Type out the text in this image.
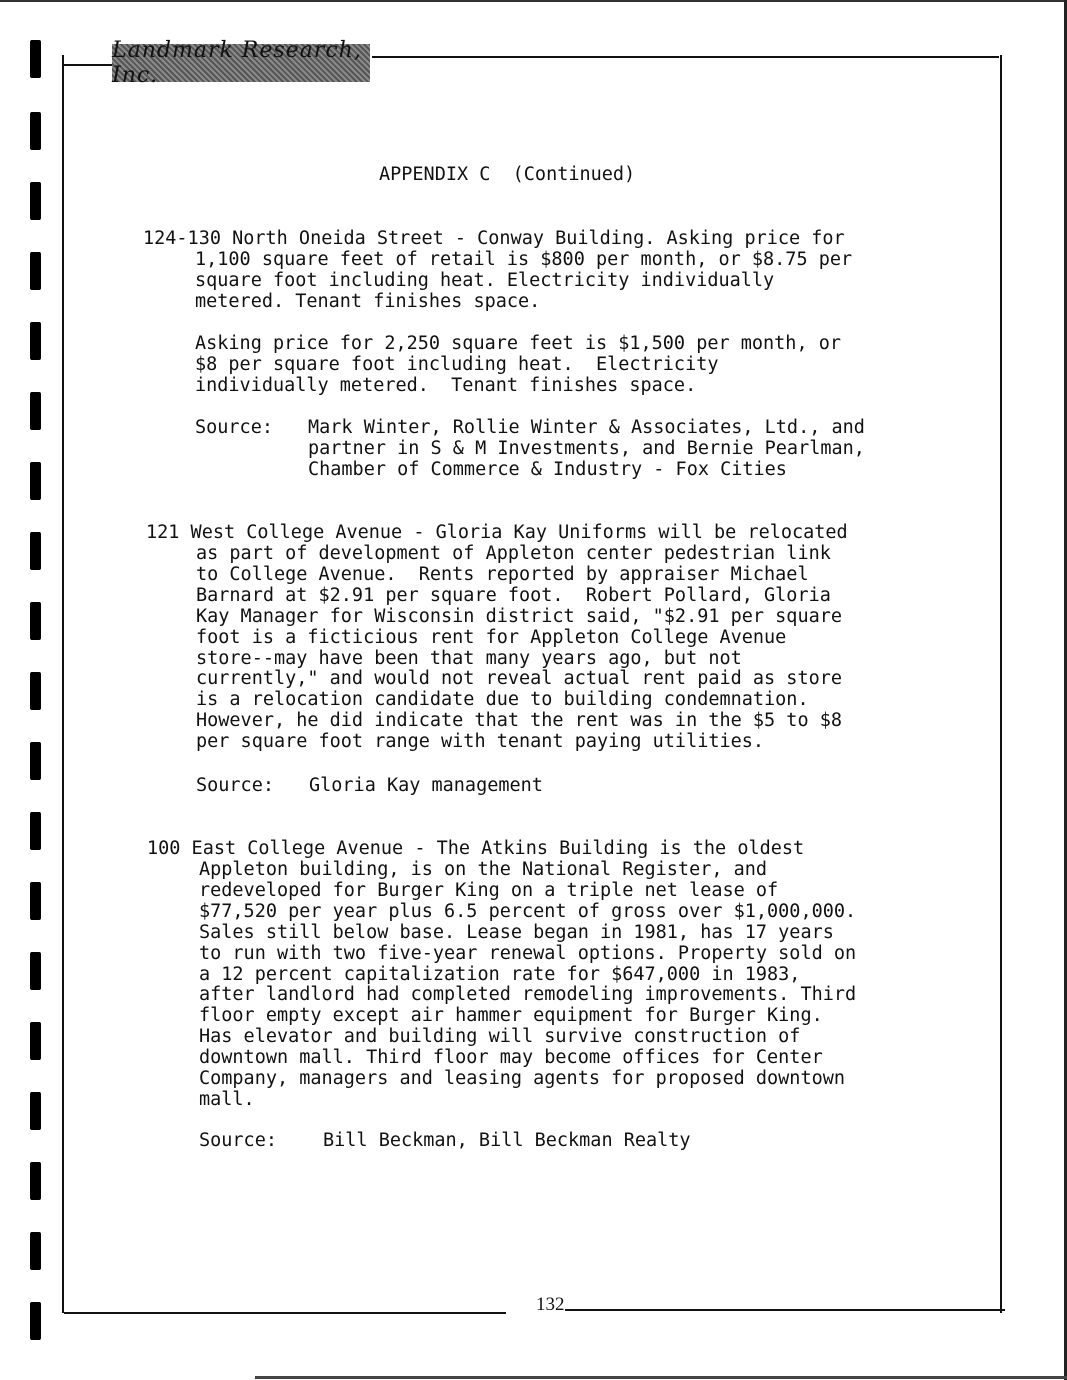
Landmark Research, Inc.
APPENDIX C  (Continued)
124-130 North Oneida Street - Conway Building. Asking price for
1,100 square feet of retail is $800 per month, or $8.75 per
square foot including heat. Electricity individually
metered. Tenant finishes space.
Asking price for 2,250 square feet is $1,500 per month, or
$8 per square foot including heat.  Electricity
individually metered.  Tenant finishes space.
Source: Mark Winter, Rollie Winter & Associates, Ltd., and
partner in S & M Investments, and Bernie Pearlman,
Chamber of Commerce & Industry - Fox Cities
121 West College Avenue - Gloria Kay Uniforms will be relocated
as part of development of Appleton center pedestrian link
to College Avenue.  Rents reported by appraiser Michael
Barnard at $2.91 per square foot.  Robert Pollard, Gloria
Kay Manager for Wisconsin district said, "$2.91 per square
foot is a ficticious rent for Appleton College Avenue
store--may have been that many years ago, but not
currently," and would not reveal actual rent paid as store
is a relocation candidate due to building condemnation.
However, he did indicate that the rent was in the $5 to $8
per square foot range with tenant paying utilities.
Source: Gloria Kay management
100 East College Avenue - The Atkins Building is the oldest
Appleton building, is on the National Register, and
redeveloped for Burger King on a triple net lease of
$77,520 per year plus 6.5 percent of gross over $1,000,000.
Sales still below base. Lease began in 1981, has 17 years
to run with two five-year renewal options. Property sold on
a 12 percent capitalization rate for $647,000 in 1983,
after landlord had completed remodeling improvements. Third
floor empty except air hammer equipment for Burger King.
Has elevator and building will survive construction of
downtown mall. Third floor may become offices for Center
Company, managers and leasing agents for proposed downtown
mall.
Source: Bill Beckman, Bill Beckman Realty
132
